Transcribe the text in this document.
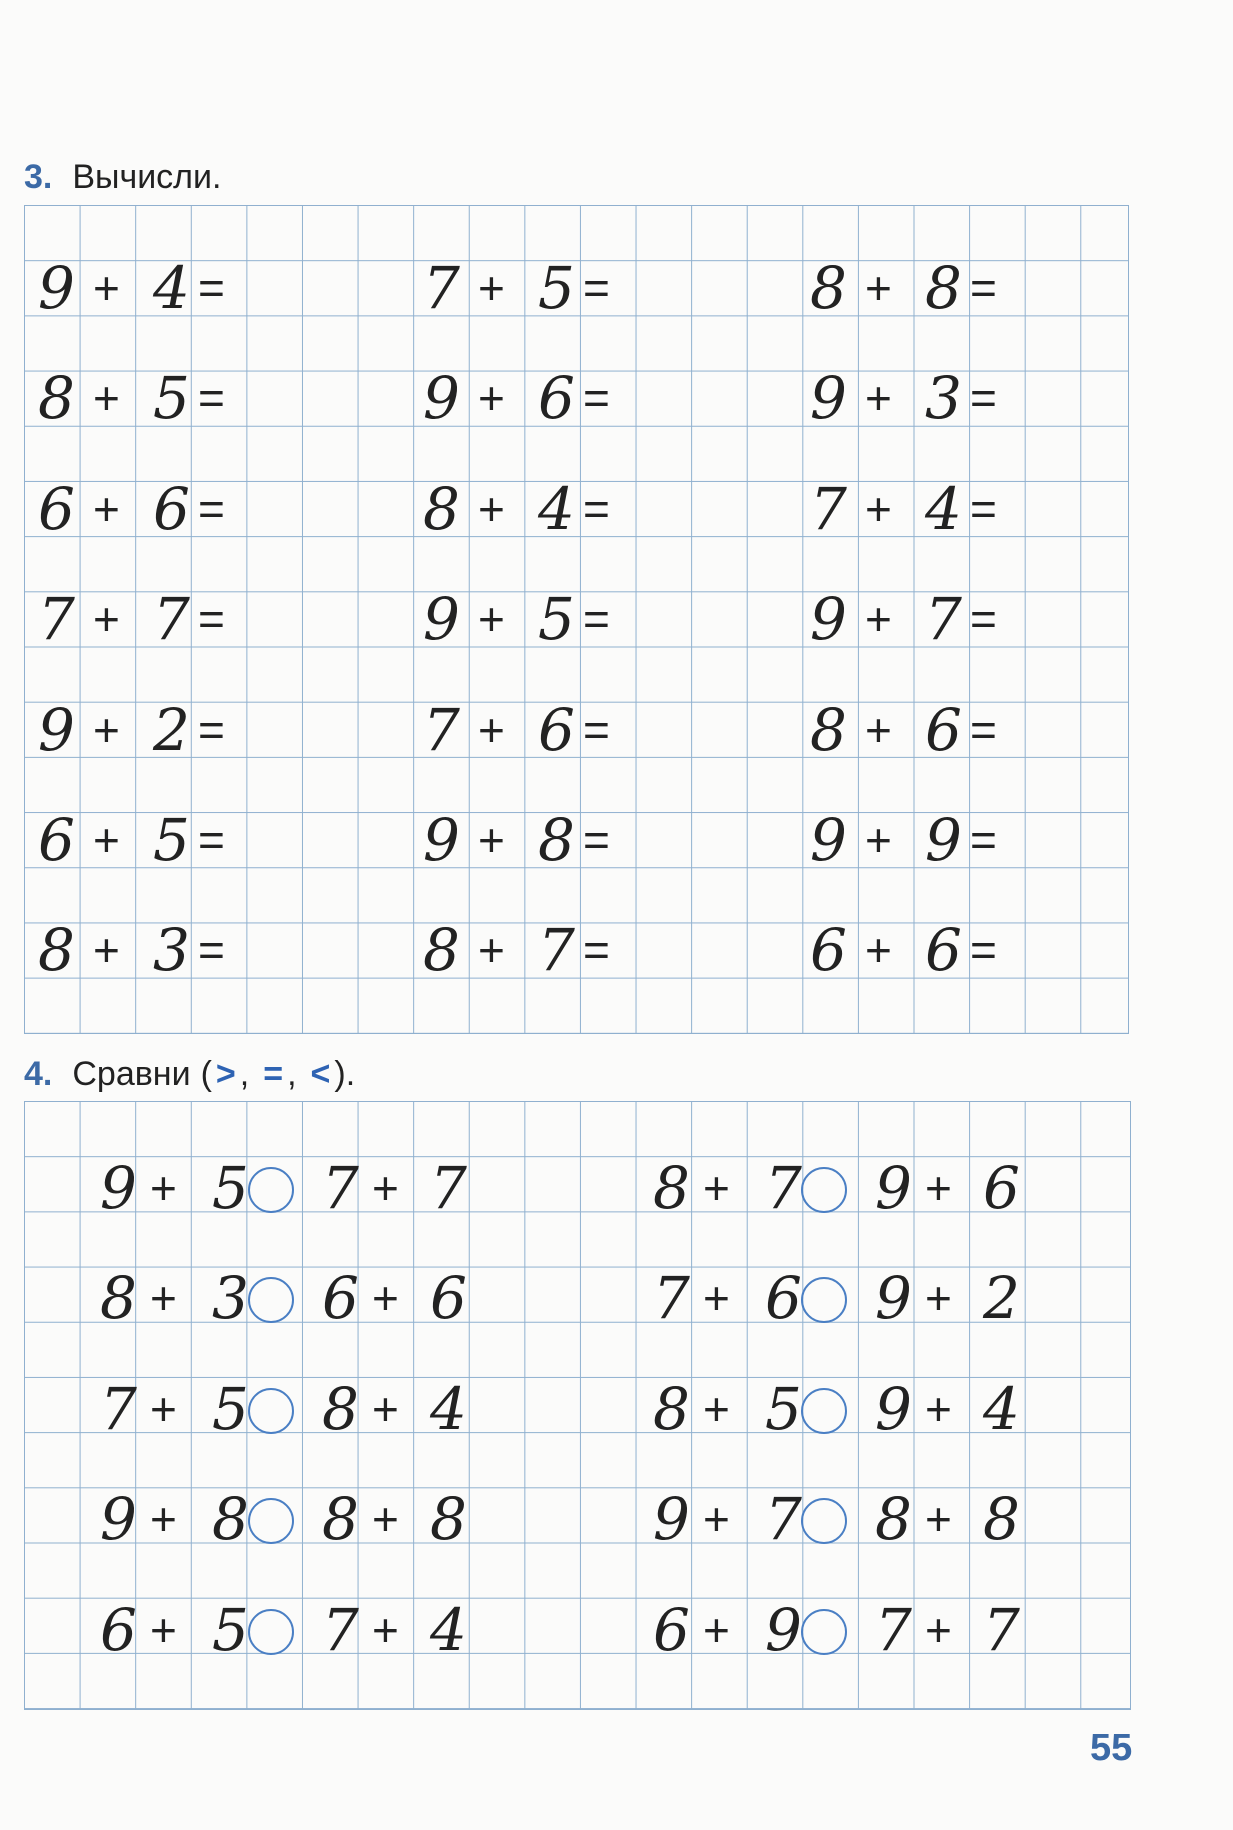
3. Вычисли.
4. Сравни ( > , = , < ).
9 + 4 =	7 + 5 =	8 + 8 =
8 + 5 =	9 + 6 =	9 + 3 =
6 + 6 =	8 + 4 =	7 + 4 =
7 + 7 =	9 + 5 =	9 + 7 =
9 + 2 =	7 + 6 =	8 + 6 =
6 + 5 =	9 + 8 =	9 + 9 =
8 + 3 =	8 + 7 =	6 + 6 =
9 + 5 7 + 7	8 + 7 9 + 6
8 + 3 6 + 6	7 + 6 9 + 2
7 + 5 8 + 4	8 + 5 9 + 4
9 + 8 8 + 8	9 + 7 8 + 8
6 + 5 7 + 4	6 + 9 7 + 7
55
